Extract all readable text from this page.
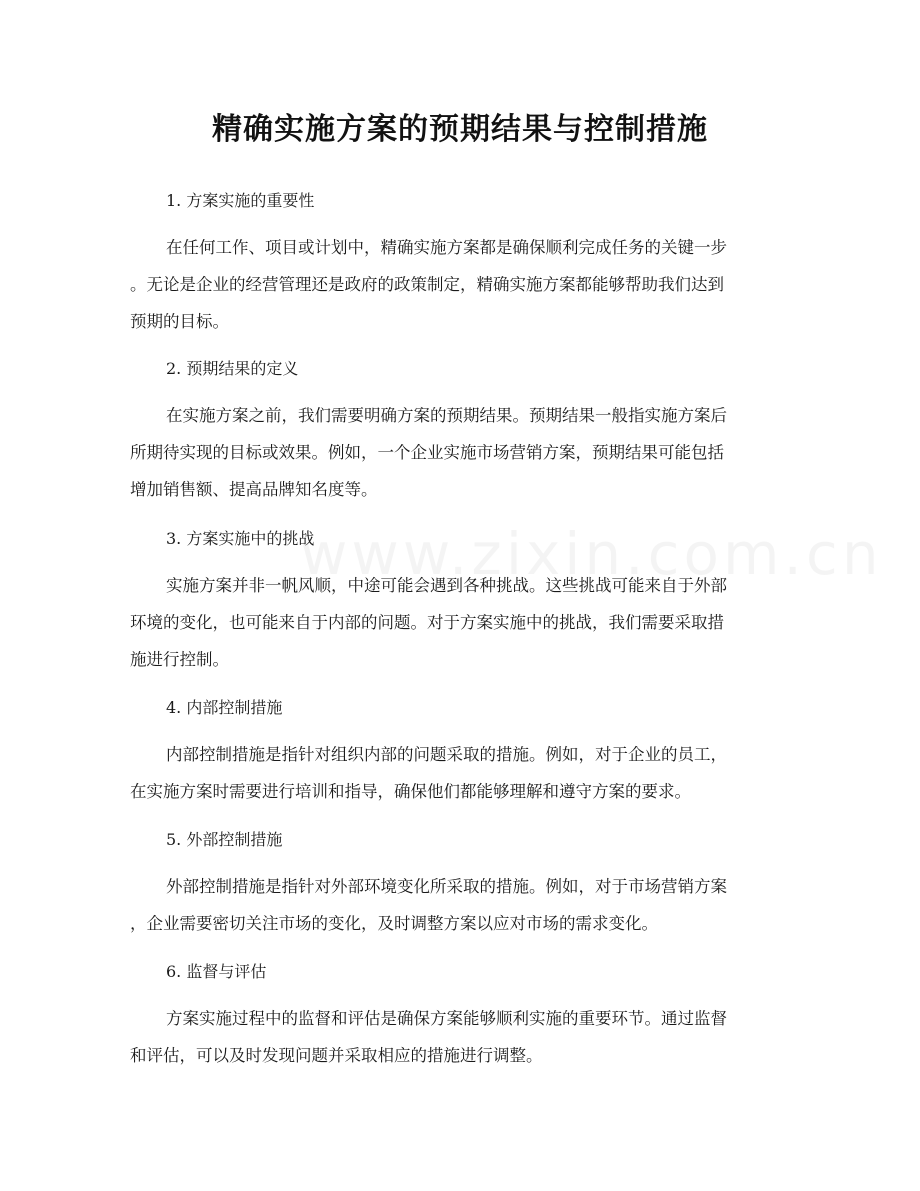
精确实施方案的预期结果与控制措施
1. 方案实施的重要性
在任何工作、项目或计划中，精确实施方案都是确保顺利完成任务的关键一步
。无论是企业的经营管理还是政府的政策制定，精确实施方案都能够帮助我们达到
预期的目标。
2. 预期结果的定义
在实施方案之前，我们需要明确方案的预期结果。预期结果一般指实施方案后
所期待实现的目标或效果。例如，一个企业实施市场营销方案，预期结果可能包括
增加销售额、提高品牌知名度等。
3. 方案实施中的挑战
实施方案并非一帆风顺，中途可能会遇到各种挑战。这些挑战可能来自于外部
环境的变化，也可能来自于内部的问题。对于方案实施中的挑战，我们需要采取措
施进行控制。
4. 内部控制措施
内部控制措施是指针对组织内部的问题采取的措施。例如，对于企业的员工，
在实施方案时需要进行培训和指导，确保他们都能够理解和遵守方案的要求。
5. 外部控制措施
外部控制措施是指针对外部环境变化所采取的措施。例如，对于市场营销方案
，企业需要密切关注市场的变化，及时调整方案以应对市场的需求变化。
6. 监督与评估
方案实施过程中的监督和评估是确保方案能够顺利实施的重要环节。通过监督
和评估，可以及时发现问题并采取相应的措施进行调整。
